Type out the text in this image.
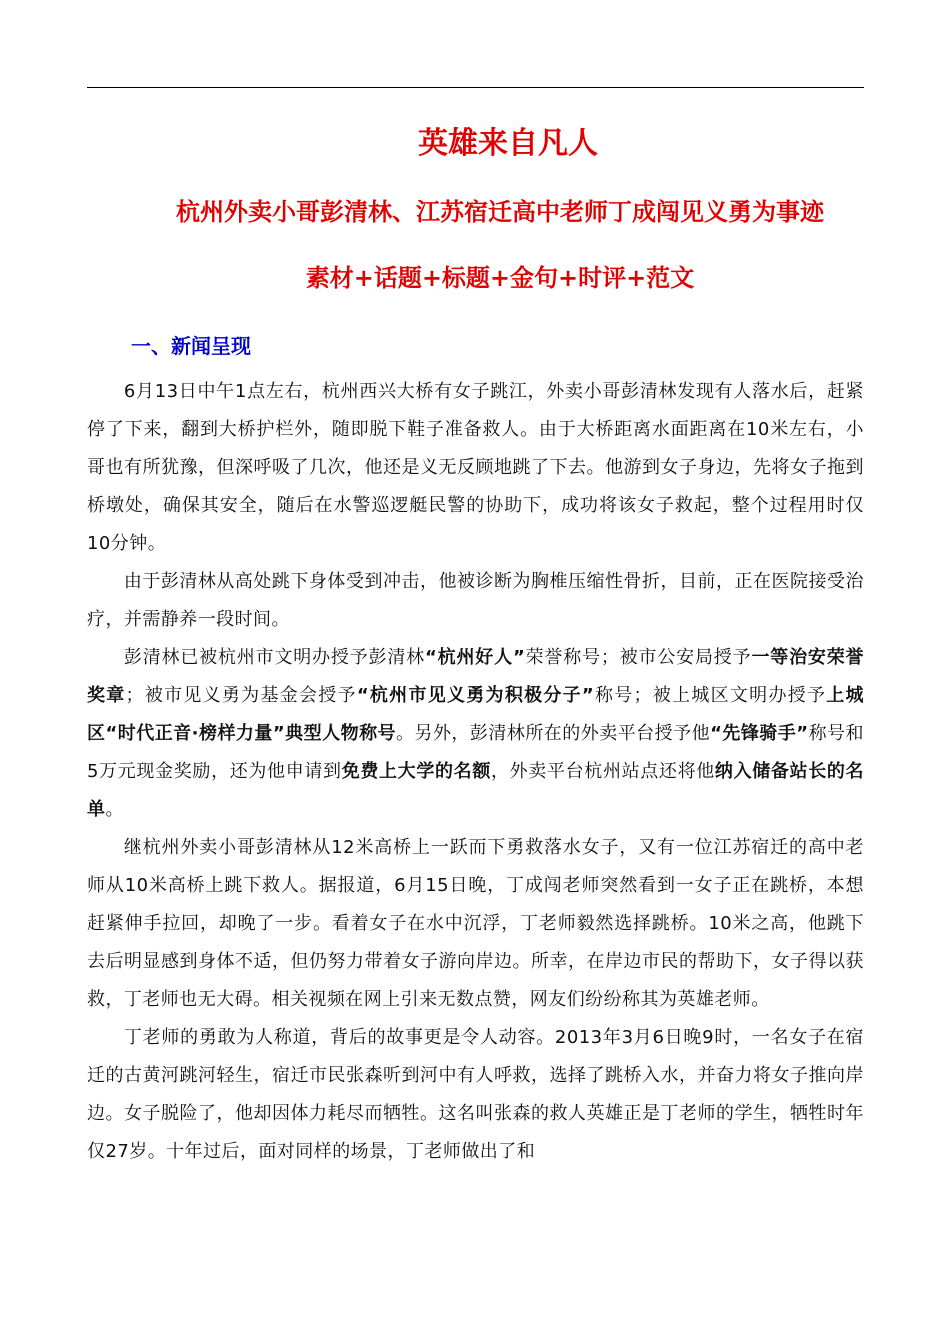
英雄来自凡人
杭州外卖小哥彭清林、江苏宿迁高中老师丁成闯见义勇为事迹
素材+话题+标题+金句+时评+范文
一、新闻呈现

6月13日中午1点左右，杭州西兴大桥有女子跳江，外卖小哥彭清林发现有人落水后，赶紧停了下来，翻到大桥护栏外，随即脱下鞋子准备救人。由于大桥距离水面距离在10米左右，小哥也有所犹豫，但深呼吸了几次，他还是义无反顾地跳了下去。他游到女子身边，先将女子拖到桥墩处，确保其安全，随后在水警巡逻艇民警的协助下，成功将该女子救起，整个过程用时仅10分钟。

由于彭清林从高处跳下身体受到冲击，他被诊断为胸椎压缩性骨折，目前，正在医院接受治疗，并需静养一段时间。

彭清林已被杭州市文明办授予彭清林“杭州好人”荣誉称号；被市公安局授予一等治安荣誉奖章；被市见义勇为基金会授予“杭州市见义勇为积极分子”称号；被上城区文明办授予上城区“时代正音·榜样力量”典型人物称号。另外，彭清林所在的外卖平台授予他“先锋骑手”称号和5万元现金奖励，还为他申请到免费上大学的名额，外卖平台杭州站点还将他纳入储备站长的名单。

继杭州外卖小哥彭清林从12米高桥上一跃而下勇救落水女子，又有一位江苏宿迁的高中老师从10米高桥上跳下救人。据报道，6月15日晚，丁成闯老师突然看到一女子正在跳桥，本想赶紧伸手拉回，却晚了一步。看着女子在水中沉浮，丁老师毅然选择跳桥。10米之高，他跳下去后明显感到身体不适，但仍努力带着女子游向岸边。所幸，在岸边市民的帮助下，女子得以获救，丁老师也无大碍。相关视频在网上引来无数点赞，网友们纷纷称其为英雄老师。

丁老师的勇敢为人称道，背后的故事更是令人动容。2013年3月6日晚9时，一名女子在宿迁的古黄河跳河轻生，宿迁市民张森听到河中有人呼救，选择了跳桥入水，并奋力将女子推向岸边。女子脱险了，他却因体力耗尽而牺牲。这名叫张森的救人英雄正是丁老师的学生，牺牲时年仅27岁。十年过后，面对同样的场景，丁老师做出了和
